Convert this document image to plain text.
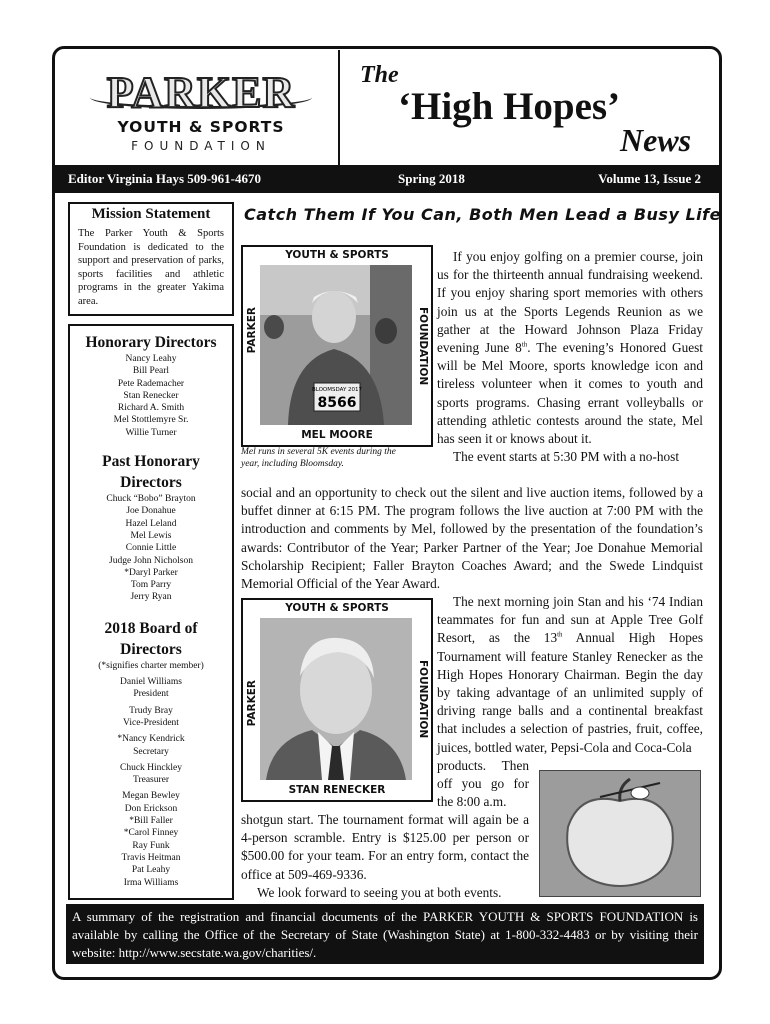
PARKER
YOUTH & SPORTS
FOUNDATION
The
‘High Hopes’
News
Editor Virginia Hays 509-961-4670	Spring 2018	Volume 13, Issue 2
Mission Statement

The Parker Youth & Sports Foundation is dedicated to the support and preservation of parks, sports facilities and athletic programs in the greater Yakima area.

Honorary Directors
Nancy Leahy
Bill Pearl
Pete Rademacher
Stan Renecker
Richard A. Smith
Mel Stottlemyre Sr.
Willie Turner
Past Honorary Directors
Chuck “Bobo” Brayton
Joe Donahue
Hazel Leland
Mel Lewis
Connie Little
Judge John Nicholson
*Daryl Parker
Tom Parry
Jerry Ryan
2018 Board of Directors
(*signifies charter member)
Daniel Williams
President
Trudy Bray
Vice-President
*Nancy Kendrick
Secretary
Chuck Hinckley
Treasurer
Megan Bewley
Don Erickson
*Bill Faller
*Carol Finney
Ray Funk
Travis Heitman
Pat Leahy
Irma Williams
Catch Them If You Can, Both Men Lead a Busy Life
YOUTH & SPORTS
PARKER	FOUNDATION
BLOOMSDAY 2017
8566
MEL MOORE
Mel runs in several 5K events during the year, including Bloomsday.
YOUTH & SPORTS
PARKER	FOUNDATION
STAN RENECKER

If you enjoy golfing on a premier course, join us for the thirteenth annual fundraising weekend. If you enjoy sharing sport memories with others join us at the Sports Legends Reunion as we gather at the Howard Johnson Plaza Friday evening June 8th. The evening’s Honored Guest will be Mel Moore, sports knowledge icon and tireless volunteer when it comes to youth and sports programs. Chasing errant volleyballs or attending athletic contests around the state, Mel has seen it or knows about it.

The event starts at 5:30 PM with a no-host

social and an opportunity to check out the silent and live auction items, followed by a buffet dinner at 6:15 PM. The program follows the live auction at 7:00 PM with the introduction and comments by Mel, followed by the presentation of the foundation’s awards: Contributor of the Year; Parker Partner of the Year; Joe Donahue Memorial Scholarship Recipient; Faller Brayton Coaches Award; and the Swede Lindquist Memorial Official of the Year Award.

The next morning join Stan and his ‘74 Indian teammates for fun and sun at Apple Tree Golf Resort, as the 13th Annual High Hopes Tournament will feature Stanley Renecker as the High Hopes Honorary Chairman. Begin the day by taking advantage of an unlimited supply of driving range balls and a continental breakfast that includes a selection of pastries, fruit, coffee, juices, bottled water, Pepsi-Cola and Coca-Cola

products. Then off you go for the 8:00 a.m.

shotgun start. The tournament format will again be a 4-person scramble. Entry is $125.00 per person or $500.00 for your team. For an entry form, contact the office at 509-469-9336.

We look forward to seeing you at both events.

A summary of the registration and financial documents of the PARKER YOUTH & SPORTS FOUNDATION is available by calling the Office of the Secretary of State (Washington State) at 1-800-332-4483 or by visiting their website: http://www.secstate.wa.gov/charities/.
